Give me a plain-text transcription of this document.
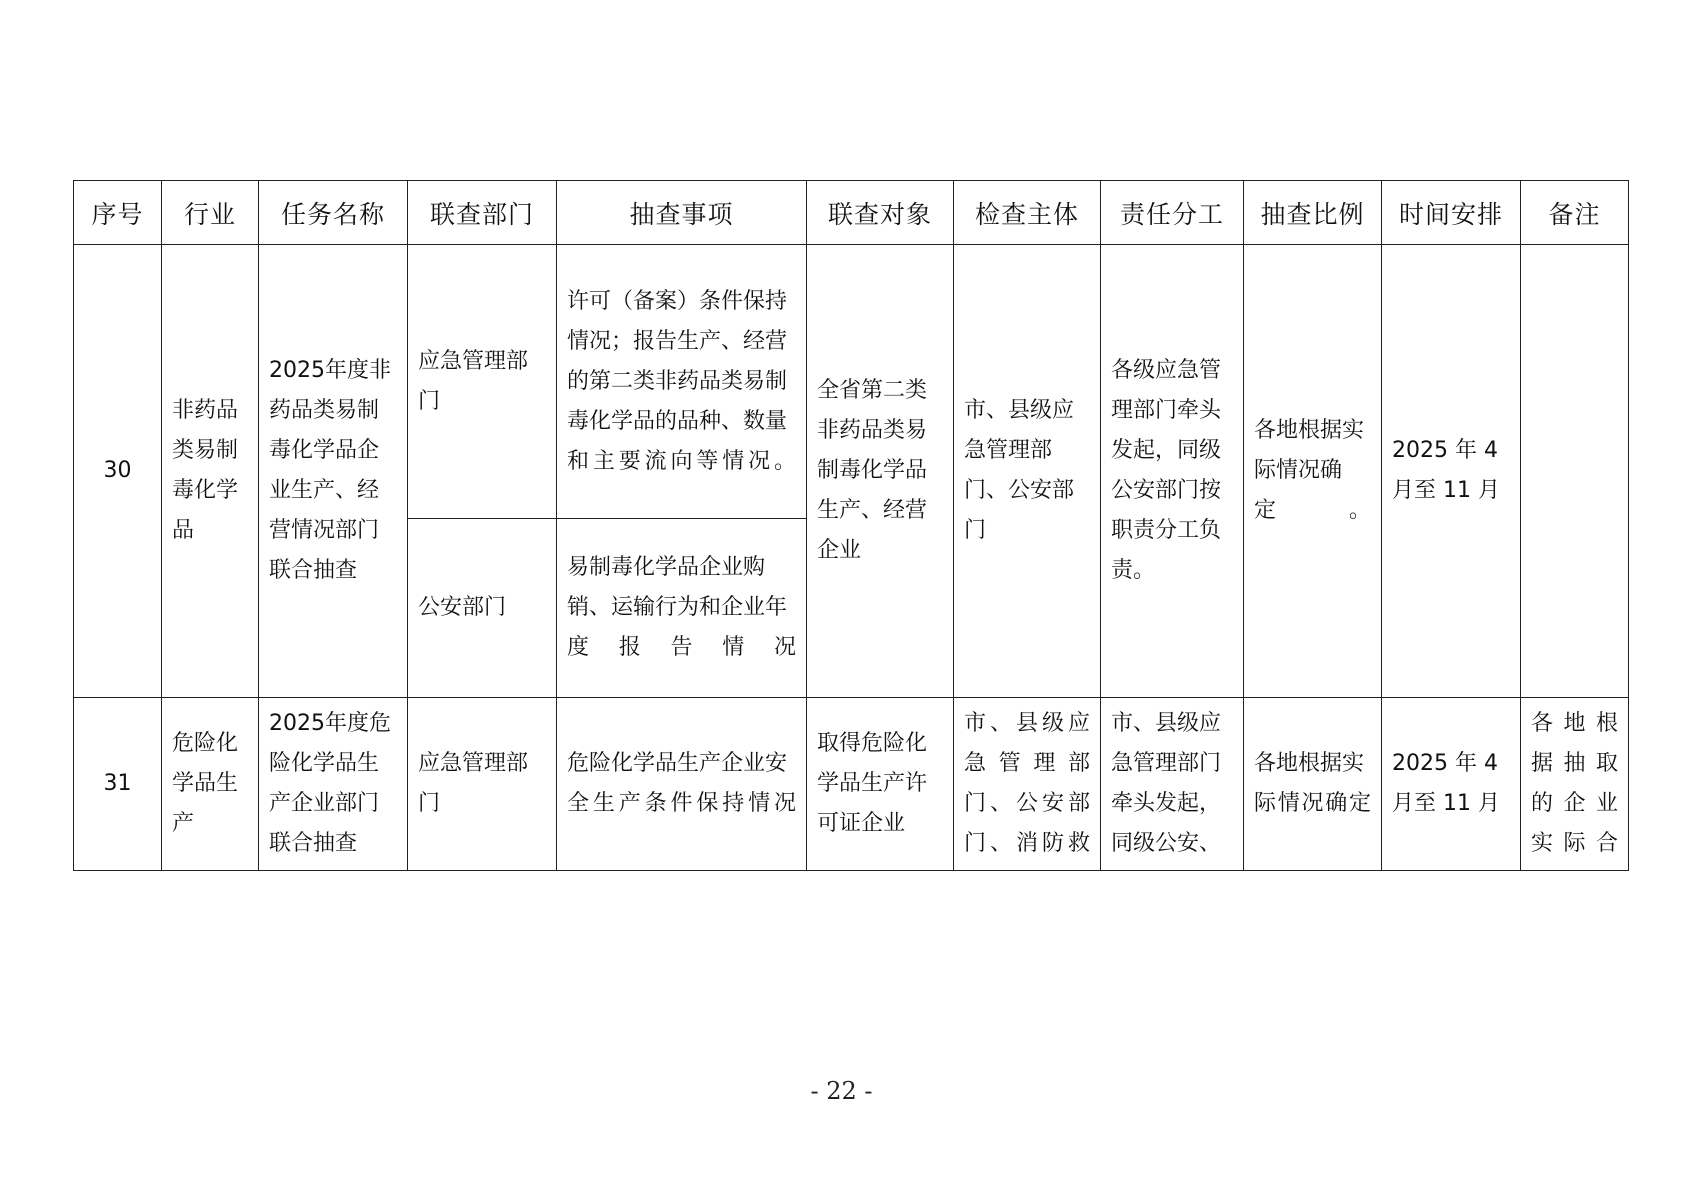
序号	行业	任务名称	联查部门	抽查事项	联查对象	检查主体	责任分工	抽查比例	时间安排	备注
30	非药品类易制毒化学品	2025年度非药品类易制毒化学品企业生产、经营情况部门联合抽查	应急管理部门	许可（备案）条件保持情况；报告生产、经营的第二类非药品类易制毒化学品的品种、数量和主要流向等情况。	全省第二类非药品类易制毒化学品生产、经营企业	市、县级应急管理部门、公安部门	各级应急管理部门牵头发起，同级公安部门按职责分工负责。	各地根据实际情况确定。	2025 年 4 月至 11 月	
			公安部门	易制毒化学品企业购销、运输行为和企业年度报告情况						
31	危险化学品生产	2025年度危险化学品生产企业部门联合抽查	应急管理部门	危险化学品生产企业安全生产条件保持情况	取得危险化学品生产许可证企业	市、县级应急管理部门、公安部门、消防救	市、县级应急管理部门牵头发起，同级公安、	各地根据实际情况确定	2025 年 4 月至 11 月	各地根据抽取的企业实际合
- 22 -
